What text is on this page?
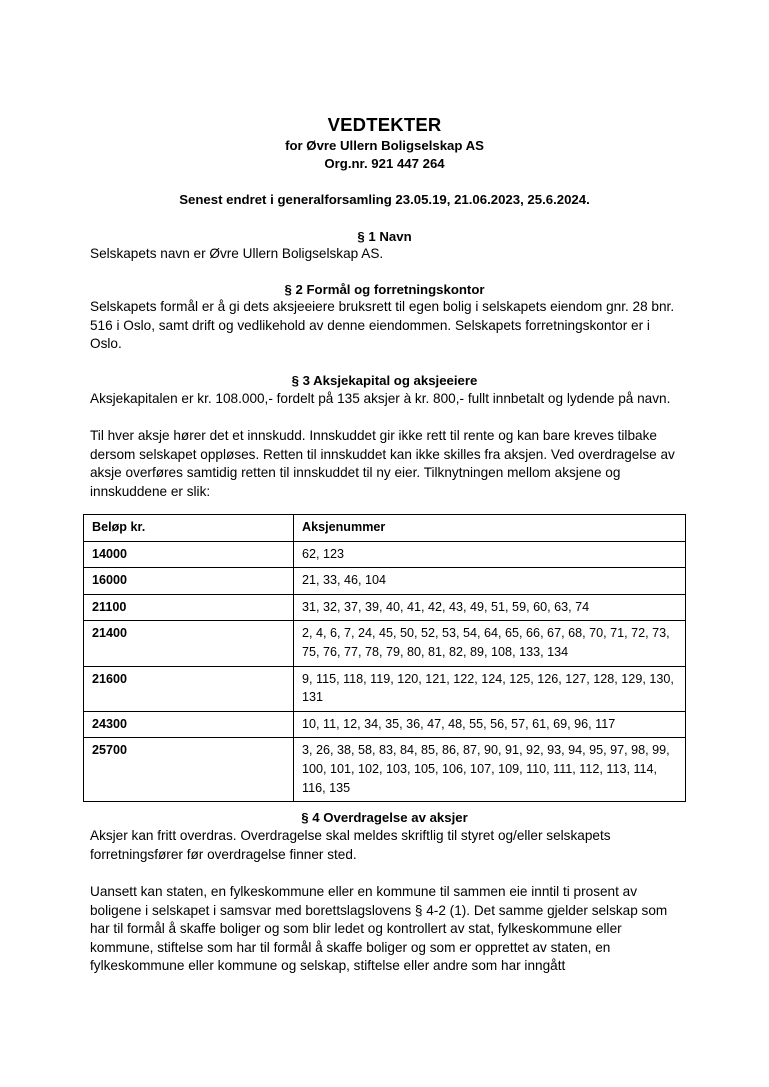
VEDTEKTER
for Øvre Ullern Boligselskap AS
Org.nr. 921 447 264
Senest endret i generalforsamling 23.05.19, 21.06.2023, 25.6.2024.
§ 1 Navn
Selskapets navn er Øvre Ullern Boligselskap AS.
§ 2 Formål og forretningskontor
Selskapets formål er å gi dets aksjeeiere bruksrett til egen bolig i selskapets eiendom gnr. 28 bnr.
516 i Oslo, samt drift og vedlikehold av denne eiendommen. Selskapets forretningskontor er i
Oslo.
§ 3 Aksjekapital og aksjeeiere
Aksjekapitalen er kr. 108.000,- fordelt på 135 aksjer à kr. 800,- fullt innbetalt og lydende på navn.
Til hver aksje hører det et innskudd. Innskuddet gir ikke rett til rente og kan bare kreves tilbake
dersom selskapet oppløses. Retten til innskuddet kan ikke skilles fra aksjen. Ved overdragelse av
aksje overføres samtidig retten til innskuddet til ny eier. Tilknytningen mellom aksjene og
innskuddene er slik:
Beløp kr.	Aksjenummer
14000	62, 123

16000	21, 33, 46, 104

21100	31, 32, 37, 39, 40, 41, 42, 43, 49, 51, 59, 60, 63, 74

21400	2, 4, 6, 7, 24, 45, 50, 52, 53, 54, 64, 65, 66, 67, 68, 70, 71, 72, 73,
75, 76, 77, 78, 79, 80, 81, 82, 89, 108, 133, 134

21600	9, 115, 118, 119, 120, 121, 122, 124, 125, 126, 127, 128, 129, 130,
131

24300	10, 11, 12, 34, 35, 36, 47, 48, 55, 56, 57, 61, 69, 96, 117

25700	3, 26, 38, 58, 83, 84, 85, 86, 87, 90, 91, 92, 93, 94, 95, 97, 98, 99,
100, 101, 102, 103, 105, 106, 107, 109, 110, 111, 112, 113, 114,
116, 135
§ 4 Overdragelse av aksjer
Aksjer kan fritt overdras. Overdragelse skal meldes skriftlig til styret og/eller selskapets
forretningsfører før overdragelse finner sted.
Uansett kan staten, en fylkeskommune eller en kommune til sammen eie inntil ti prosent av
boligene i selskapet i samsvar med borettslagslovens § 4-2 (1). Det samme gjelder selskap som
har til formål å skaffe boliger og som blir ledet og kontrollert av stat, fylkeskommune eller
kommune, stiftelse som har til formål å skaffe boliger og som er opprettet av staten, en
fylkeskommune eller kommune og selskap, stiftelse eller andre som har inngått
